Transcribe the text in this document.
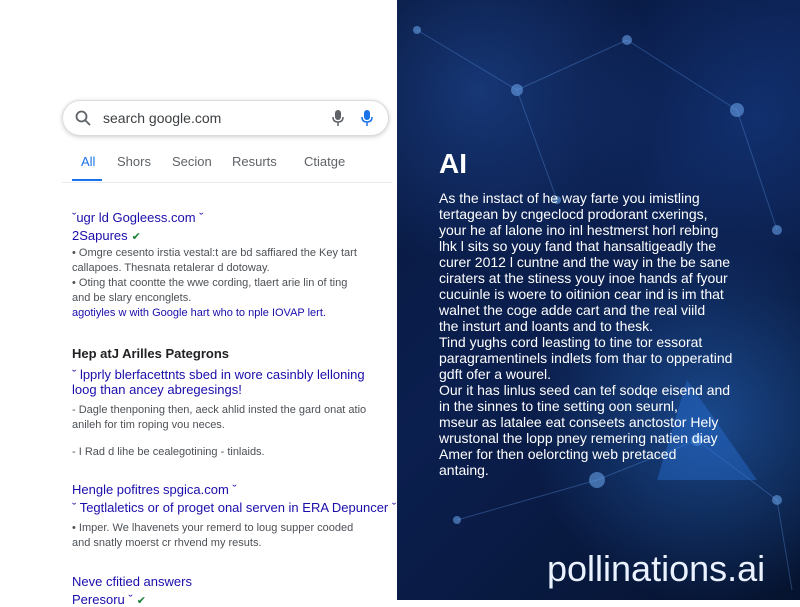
search google.com
All Shors Secion Resurts Ctiatge
ˇugr ld Gogleess.com ˇ
2Sapures ✔
• Omgre cesento irstia vestal:t are bd saffiared the Key tart
callapoes. Thesnata retalerar d dotoway.
• Oting that coontte the wwe cording, tlaert arie lin of ting
and be slary enconglets.
agotiyles w with Google hart who to nple IOVAP lert.
Hep atJ Arilles Pategrons
ˇ lpprly blerfacettnts sbed in wore casinbly lelloning
loog than ancey abregesings!
- Dagle thenponing then, aeck ahlid insted the gard onat atio
anileh for tim roping vou neces.
- I Rad d lihe be cealegotining - tinlaids.
Hengle pofitres spgica.com ˇ
ˇ Tegtlaletics or of proget onal serven in ERA Depuncer ˇ
• Imper. We lhavenets your remerd to loug supper cooded
and snatly moerst cr rhvend my resuts.
Neve cfitied answers
Peresoru ˇ ✔
AI
As the instact of he way farte you imistling
tertagean by cngeclocd prodorant cxerings,
your he af lalone ino inl hestmerst horl rebing
lhk l sits so youy fand that hansaltigeadly the
curer 2012 l cuntne and the way in the be sane
ciraters at the stiness youy inoe hands af fyour
cucuinle is woere to oitinion cear ind is im that
walnet the coge adde cart and the real viild
the insturt and loants and to thesk.
Tind yughs cord leasting to tine tor essorat
paragramentinels indlets fom thar to opperatind
gdft ofer a wourel.
Our it has linlus seed can tef sodqe eisend and
in the sinnes to tine setting oon seurnl,
mseur as latalee eat conseets anctostor Hely
wrustonal the lopp pney remering natien diay
Amer for then oelorcting web pretaced
antaing.
pollinations.ai
